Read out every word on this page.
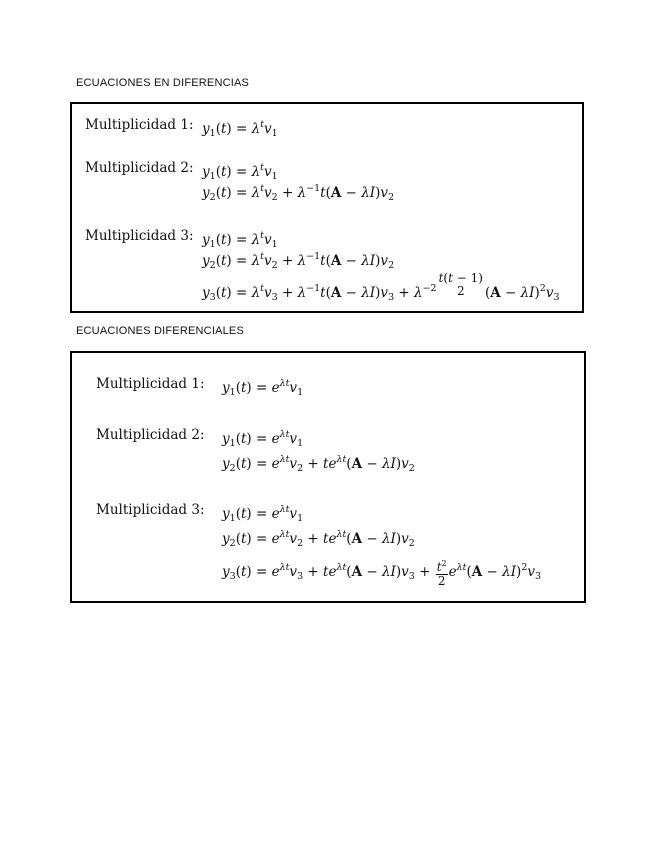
ECUACIONES EN DIFERENCIAS
Multiplicidad 1: $y_1(t) = \lambda^tv_1$
Multiplicidad 2: $y_1(t) = \lambda^tv_1$
$y_2(t) = \lambda^tv_2 + \lambda^{-1}t(A - \lambda I)v_2$
Multiplicidad 3: $y_1(t) = \lambda^tv_1$
$y_2(t) = \lambda^tv_2 + \lambda^{-1}t(A - \lambda I)v_2$
$y_3(t) = \lambda^tv_3 + \lambda^{-1}t(A - \lambda I)v_3 + \lambda^{-2}$
t(t − 1)
2	$(A - \lambda I)^2v_3$
ECUACIONES DIFERENCIALES
Multiplicidad 1: $y_1(t) = e^{\lambda t}v_1$
Multiplicidad 2: $y_1(t) = e^{\lambda t}v_1$
$y_2(t) = e^{\lambda t}v_2 + te^{\lambda t}(A - \lambda I)v_2$
Multiplicidad 3: $y_1(t) = e^{\lambda t}v_1$
$y_2(t) = e^{\lambda t}v_2 + te^{\lambda t}(A - \lambda I)v_2$
$y_3(t) = e^{\lambda t}v_3 + te^{\lambda t}(A - \lambda I)v_3 + \frac{t^2}{2} e^{\lambda t}(A - \lambda I)^2v_3$
